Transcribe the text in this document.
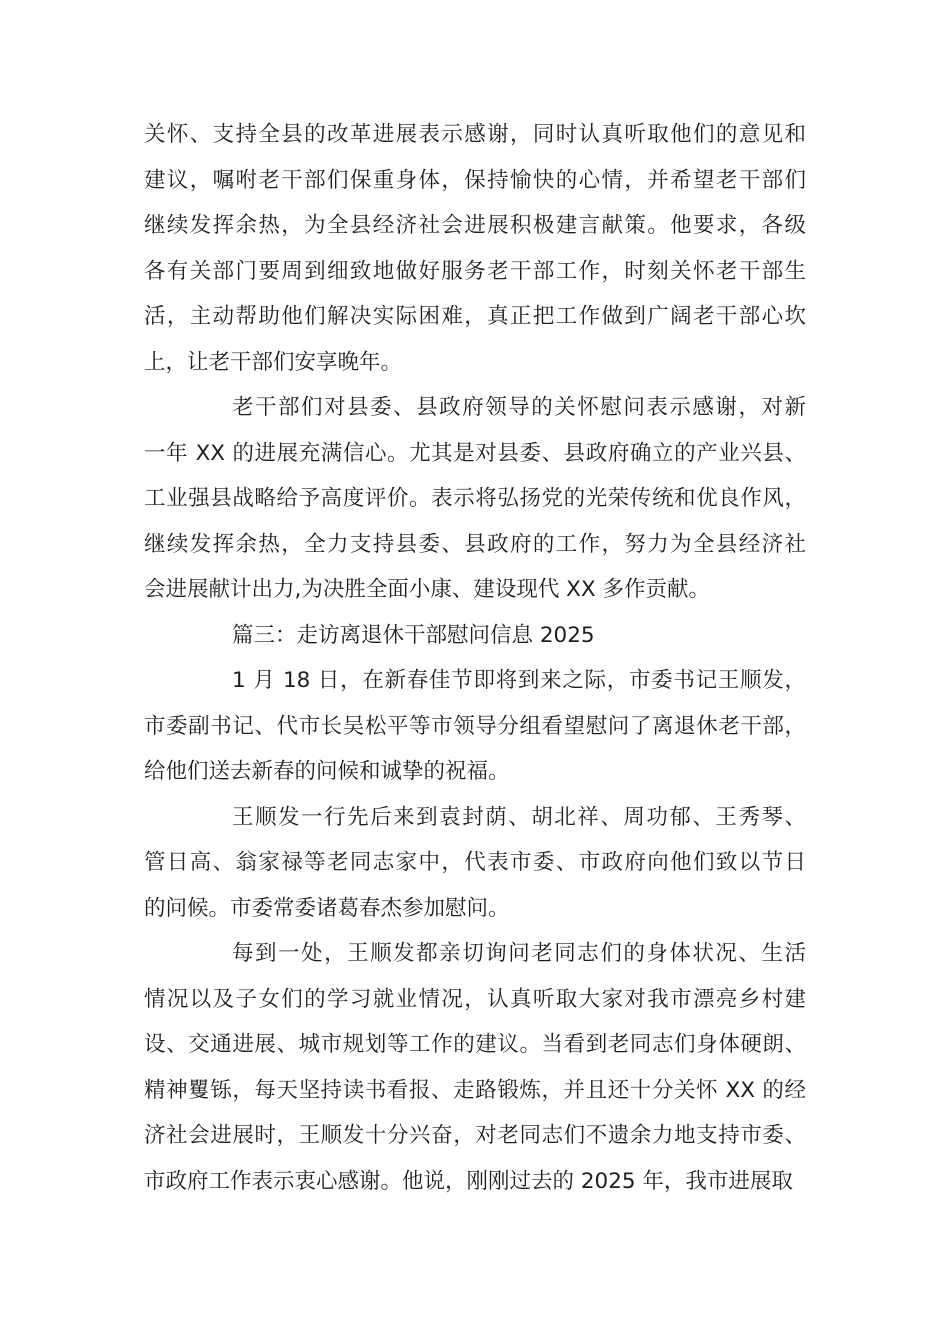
关怀、支持全县的改革进展表示感谢，同时认真听取他们的意见和
建议，嘱咐老干部们保重身体，保持愉快的心情，并希望老干部们
继续发挥余热，为全县经济社会进展积极建言献策。他要求，各级
各有关部门要周到细致地做好服务老干部工作，时刻关怀老干部生
活，主动帮助他们解决实际困难，真正把工作做到广阔老干部心坎
上，让老干部们安享晚年。
老干部们对县委、县政府领导的关怀慰问表示感谢，对新
一年 XX 的进展充满信心。尤其是对县委、县政府确立的产业兴县、
工业强县战略给予高度评价。表示将弘扬党的光荣传统和优良作风，
继续发挥余热，全力支持县委、县政府的工作，努力为全县经济社
会进展献计出力,为决胜全面小康、建设现代 XX 多作贡献。
篇三：走访离退休干部慰问信息 2025
1 月 18 日，在新春佳节即将到来之际，市委书记王顺发，
市委副书记、代市长吴松平等市领导分组看望慰问了离退休老干部，
给他们送去新春的问候和诚挚的祝福。
王顺发一行先后来到袁封荫、胡北祥、周功郁、王秀琴、
管日高、翁家禄等老同志家中，代表市委、市政府向他们致以节日
的问候。市委常委诸葛春杰参加慰问。
每到一处，王顺发都亲切询问老同志们的身体状况、生活
情况以及子女们的学习就业情况，认真听取大家对我市漂亮乡村建
设、交通进展、城市规划等工作的建议。当看到老同志们身体硬朗、
精神矍铄，每天坚持读书看报、走路锻炼，并且还十分关怀 XX 的经
济社会进展时，王顺发十分兴奋，对老同志们不遗余力地支持市委、
市政府工作表示衷心感谢。他说，刚刚过去的 2025 年，我市进展取
